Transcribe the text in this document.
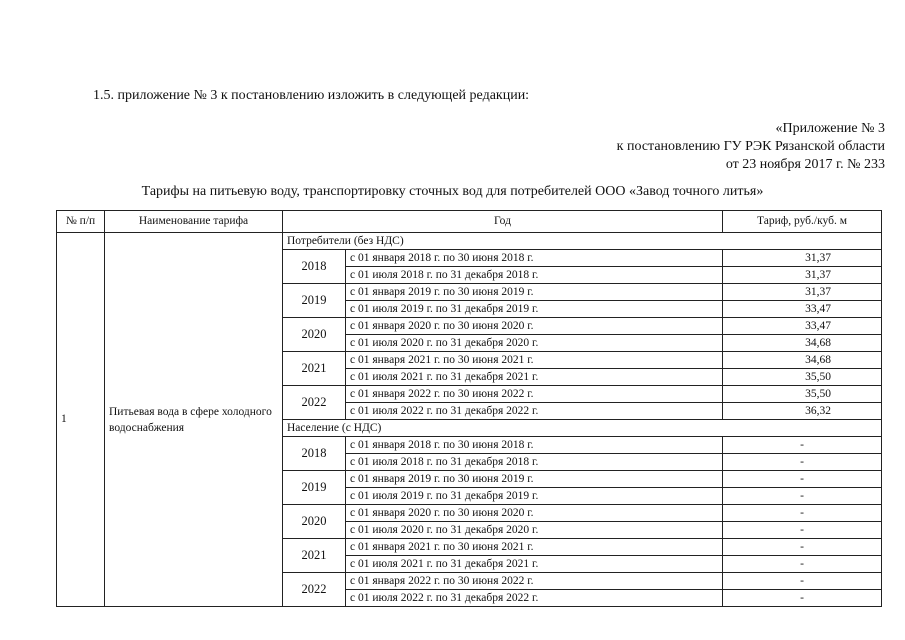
1.5. приложение № 3 к постановлению изложить в следующей редакции:
«Приложение № 3
к постановлению ГУ РЭК Рязанской области
от 23 ноября 2017 г. № 233
Тарифы на питьевую воду, транспортировку сточных вод для потребителей ООО «Завод точного литья»
№ п/п	Наименование тарифа	Год		Тариф, руб./куб. м
1	Питьевая вода в сфере холодного водоснабжения	Потребители (без НДС)		
		2018	с 01 января 2018 г. по 30 июня 2018 г.	31,37
			с 01 июля 2018 г. по 31 декабря 2018 г.	31,37
		2019	с 01 января 2019 г. по 30 июня 2019 г.	31,37
			с 01 июля 2019 г. по 31 декабря 2019 г.	33,47
		2020	с 01 января 2020 г. по 30 июня 2020 г.	33,47
			с 01 июля 2020 г. по 31 декабря 2020 г.	34,68
		2021	с 01 января 2021 г. по 30 июня 2021 г.	34,68
			с 01 июля 2021 г. по 31 декабря 2021 г.	35,50
		2022	с 01 января 2022 г. по 30 июня 2022 г.	35,50
			с 01 июля 2022 г. по 31 декабря 2022 г.	36,32
		Население (с НДС)		
		2018	с 01 января 2018 г. по 30 июня 2018 г.	-
			с 01 июля 2018 г. по 31 декабря 2018 г.	-
		2019	с 01 января 2019 г. по 30 июня 2019 г.	-
			с 01 июля 2019 г. по 31 декабря 2019 г.	-
		2020	с 01 января 2020 г. по 30 июня 2020 г.	-
			с 01 июля 2020 г. по 31 декабря 2020 г.	-
		2021	с 01 января 2021 г. по 30 июня 2021 г.	-
			с 01 июля 2021 г. по 31 декабря 2021 г.	-
		2022	с 01 января 2022 г. по 30 июня 2022 г.	-
			с 01 июля 2022 г. по 31 декабря 2022 г.	-
